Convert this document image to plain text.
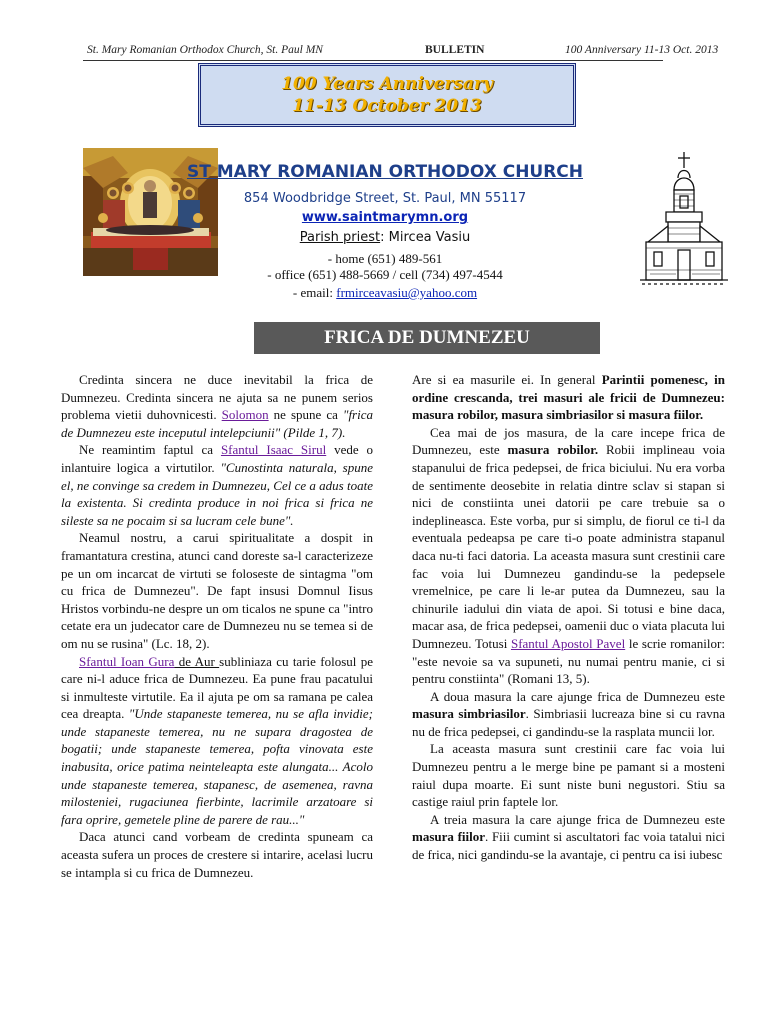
St. Mary Romanian Orthodox Church, St. Paul MN	BULLETIN	100 Anniversary 11-13 Oct. 2013
100 Years Anniversary
11-13 October 2013
ST MARY ROMANIAN ORTHODOX CHURCH
854 Woodbridge Street, St. Paul, MN 55117
www.saintmarymn.org
Parish priest: Mircea Vasiu
- home (651) 489-561
- office (651) 488-5669 / cell (734) 497-4544
- email: frmirceavasiu@yahoo.com
FRICA DE DUMNEZEU

Credinta sincera ne duce inevitabil la frica de Dumnezeu. Credinta sincera ne ajuta sa ne punem serios problema vietii duhovnicesti. Solomon ne spune ca "frica de Dumnezeu este inceputul intelepciunii" (Pilde 1, 7).

Ne reamintim faptul ca Sfantul Isaac Sirul vede o inlantuire logica a virtutilor. "Cunostinta naturala, spune el, ne convinge sa credem in Dumnezeu, Cel ce a adus toate la existenta. Si credinta produce in noi frica si frica ne sileste sa ne pocaim si sa lucram cele bune".

Neamul nostru, a carui spiritualitate a dospit in framantatura crestina, atunci cand doreste sa-l caracterizeze pe un om incarcat de virtuti se foloseste de sintagma "om cu frica de Dumnezeu". De fapt insusi Domnul Iisus Hristos vorbindu-ne despre un om ticalos ne spune ca "intro cetate era un judecator care de Dumnezeu nu se temea si de om nu se rusina" (Lc. 18, 2).

Sfantul Ioan Gura de Aur subliniaza cu tarie folosul pe care ni-l aduce frica de Dumnezeu. Ea pune frau pacatului si inmulteste virtutile. Ea il ajuta pe om sa ramana pe calea cea dreapta. "Unde stapaneste temerea, nu se afla invidie; unde stapaneste temerea, nu ne supara dragostea de bogatii; unde stapaneste temerea, pofta vinovata este inabusita, orice patima neinteleapta este alungata... Acolo unde stapaneste temerea, stapanesc, de asemenea, ravna milosteniei, rugaciunea fierbinte, lacrimile arzatoare si fara oprire, gemetele pline de parere de rau..."

Daca atunci cand vorbeam de credinta spuneam ca aceasta sufera un proces de crestere si intarire, acelasi lucru se intampla si cu frica de Dumnezeu.

Are si ea masurile ei. In general Parintii pomenesc, in ordine crescanda, trei masuri ale fricii de Dumnezeu: masura robilor, masura simbriasilor si masura fiilor.

Cea mai de jos masura, de la care incepe frica de Dumnezeu, este masura robilor. Robii implineau voia stapanului de frica pedepsei, de frica biciului. Nu era vorba de sentimente deosebite in relatia dintre sclav si stapan si nici de constiinta unei datorii pe care trebuie sa o indeplineasca. Este vorba, pur si simplu, de fiorul ce ti-l da eventuala pedeapsa pe care ti-o poate administra stapanul daca nu-ti faci datoria. La aceasta masura sunt crestinii care fac voia lui Dumnezeu gandindu-se la pedepsele vremelnice, pe care li le-ar putea da Dumnezeu, sau la chinurile iadului din viata de apoi. Si totusi e bine daca, macar asa, de frica pedepsei, oamenii duc o viata placuta lui Dumnezeu. Totusi Sfantul Apostol Pavel le scrie romanilor: "este nevoie sa va supuneti, nu numai pentru manie, ci si pentru constiinta" (Romani 13, 5).

A doua masura la care ajunge frica de Dumnezeu este masura simbriasilor. Simbriasii lucreaza bine si cu ravna nu de frica pedepsei, ci gandindu-se la rasplata muncii lor.

La aceasta masura sunt crestinii care fac voia lui Dumnezeu pentru a le merge bine pe pamant si a mosteni raiul dupa moarte. Ei sunt niste buni negustori. Stiu sa castige raiul prin faptele lor.

A treia masura la care ajunge frica de Dumnezeu este masura fiilor. Fiii cumint si ascultatori fac voia tatalui nici de frica, nici gandindu-se la avantaje, ci pentru ca isi iubesc
